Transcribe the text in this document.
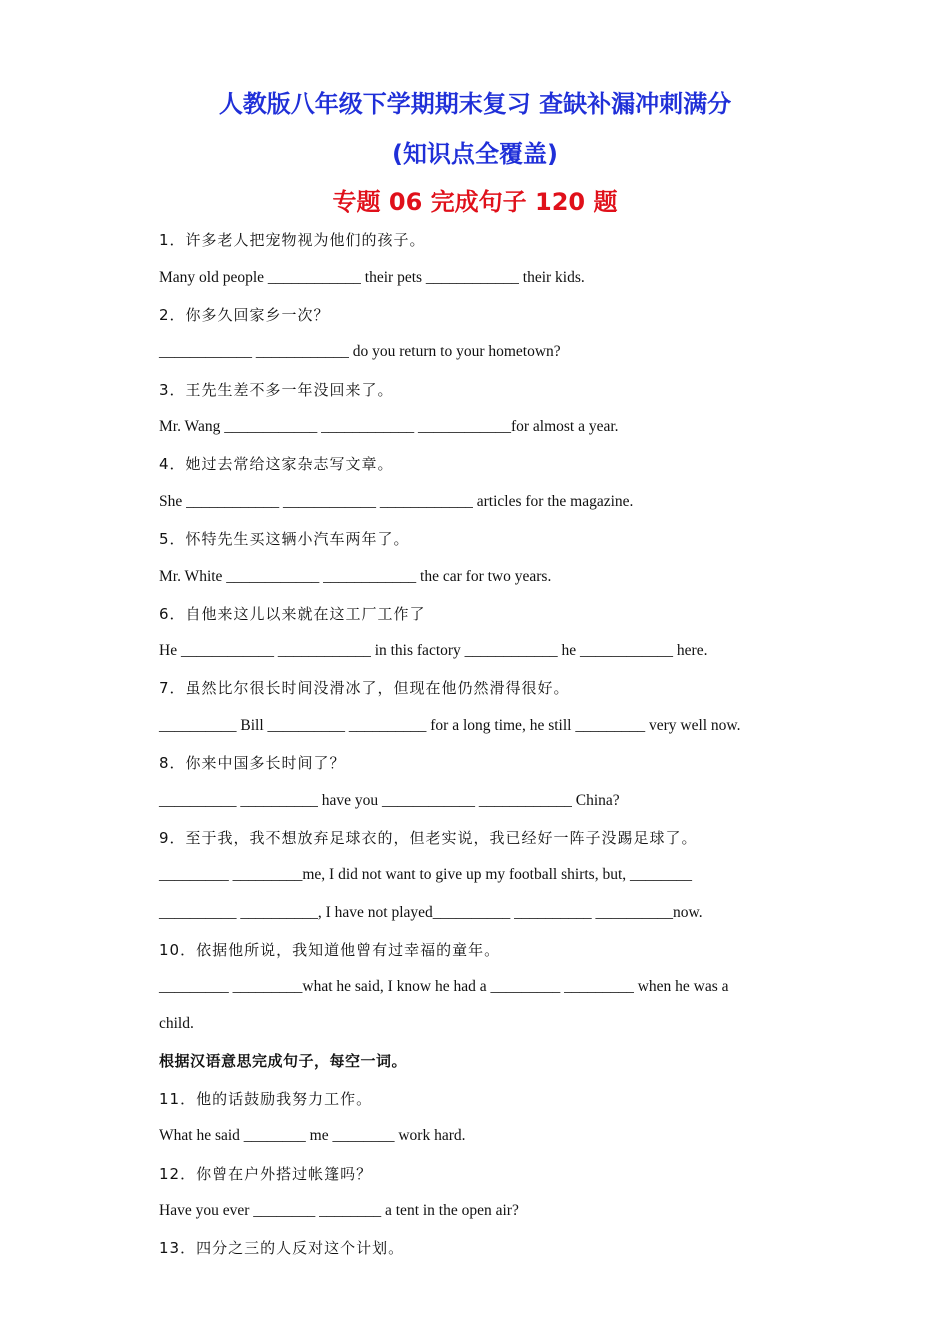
人教版八年级下学期期末复习 查缺补漏冲刺满分
(知识点全覆盖)
专题 06 完成句子 120 题
1．许多老人把宠物视为他们的孩子。
Many old people ____________ their pets ____________ their kids.
2．你多久回家乡一次？
____________ ____________ do you return to your hometown?
3．王先生差不多一年没回来了。
Mr. Wang ____________ ____________ ____________for almost a year.
4．她过去常给这家杂志写文章。
She ____________ ____________ ____________ articles for the magazine.
5．怀特先生买这辆小汽车两年了。
Mr. White ____________ ____________ the car for two years.
6．自他来这儿以来就在这工厂工作了
He ____________ ____________ in this factory ____________ he ____________ here.
7．虽然比尔很长时间没滑冰了，但现在他仍然滑得很好。
__________ Bill __________ __________ for a long time, he still _________ very well now.
8．你来中国多长时间了？
__________ __________ have you ____________ ____________ China?
9．至于我，我不想放弃足球衣的，但老实说，我已经好一阵子没踢足球了。
_________ _________me, I did not want to give up my football shirts, but, ________
__________ __________, I have not played__________ __________ __________now.
10．依据他所说，我知道他曾有过幸福的童年。
_________ _________what he said, I know he had a _________ _________ when he was a
child.
根据汉语意思完成句子，每空一词。
11．他的话鼓励我努力工作。
What he said ________ me ________ work hard.
12．你曾在户外搭过帐篷吗？
Have you ever ________ ________ a tent in the open air?
13．四分之三的人反对这个计划。
